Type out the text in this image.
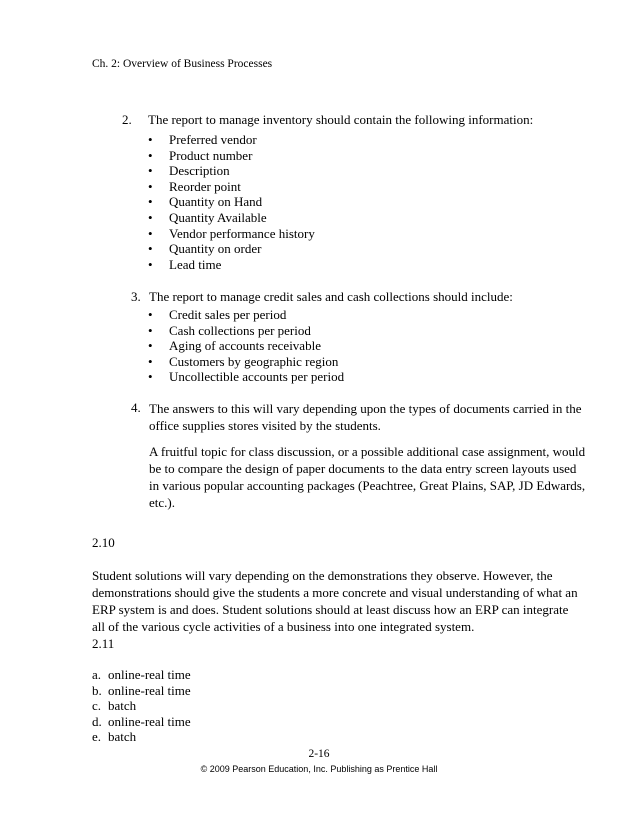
Ch. 2: Overview of Business Processes
2. The report to manage inventory should contain the following information:
• Preferred vendor
• Product number
• Description
• Reorder point
• Quantity on Hand
• Quantity Available
• Vendor performance history
• Quantity on order
• Lead time
3. The report to manage credit sales and cash collections should include:
• Credit sales per period
• Cash collections per period
• Aging of accounts receivable
• Customers by geographic region
• Uncollectible accounts per period
4. The answers to this will vary depending upon the types of documents carried in the office supplies stores visited by the students.
A fruitful topic for class discussion, or a possible additional case assignment, would be to compare the design of paper documents to the data entry screen layouts used in various popular accounting packages (Peachtree, Great Plains, SAP, JD Edwards, etc.).
2.10
Student solutions will vary depending on the demonstrations they observe. However, the demonstrations should give the students a more concrete and visual understanding of what an ERP system is and does. Student solutions should at least discuss how an ERP can integrate all of the various cycle activities of a business into one integrated system.
2.11
a. online-real time
b. online-real time
c. batch
d. online-real time
e. batch
2-16
© 2009 Pearson Education, Inc. Publishing as Prentice Hall
